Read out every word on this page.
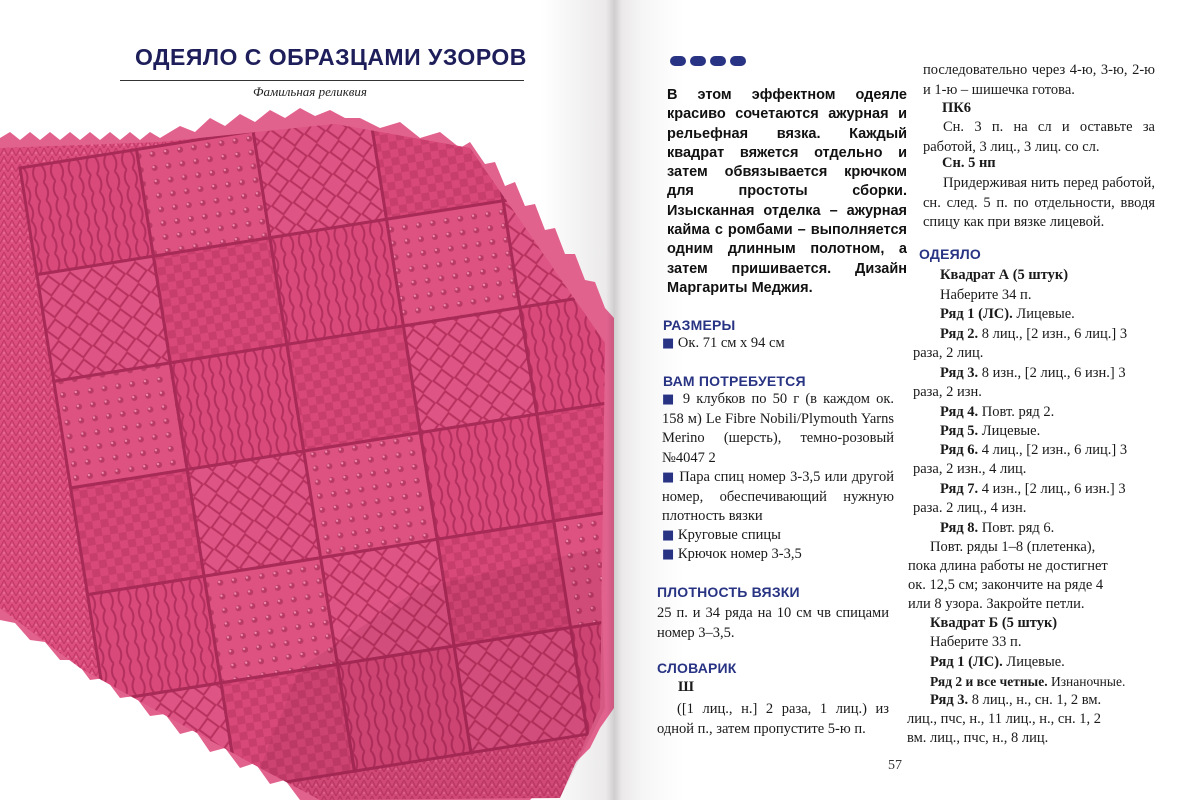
ОДЕЯЛО С ОБРАЗЦАМИ УЗОРОВ
Фамильная реликвия	В этом эффектном одеяле красиво сочетаются ажурная и рельефная вязка. Каждый квадрат вяжется отдельно и затем обвязывается крючком для простоты сборки. Изысканная отделка – ажурная кайма с ромбами – выполняется одним длинным полотном, а затем пришивается. Дизайн Маргариты Меджия.
РАЗМЕРЫ
■ Ок. 71 см х 94 см
ВАМ ПОТРЕБУЕТСЯ
■ 9 клубков по 50 г (в каждом ок. 158 м) Le Fibre Nobili/Plymouth Yarns Merino (шерсть), темно-розовый №4047 2
■ Пара спиц номер 3-3,5 или другой номер, обеспечивающий нужную плотность вязки
■ Круговые спицы
■ Крючок номер 3-3,5
ПЛОТНОСТЬ ВЯЗКИ
25 п. и 34 ряда на 10 см чв спицами номер 3–3,5.
СЛОВАРИК
Ш
([1 лиц., н.] 2 раза, 1 лиц.) из одной п., затем пропустите 5-ю п.
последовательно через 4-ю, 3-ю, 2-ю и 1-ю – шишечка готова.
ПК6
Сн. 3 п. на сл и оставьте за работой, 3 лиц., 3 лиц. со сл.
Сн. 5 нп
Придерживая нить перед работой, сн. след. 5 п. по отдельности, вводя спицу как при вязке лицевой.
ОДЕЯЛО
Квадрат А (5 штук)
Наберите 34 п.
Ряд 1 (ЛС). Лицевые.
Ряд 2. 8 лиц., [2 изн., 6 лиц.] 3
раза, 2 лиц.
Ряд 3. 8 изн., [2 лиц., 6 изн.] 3
раза, 2 изн.
Ряд 4. Повт. ряд 2.
Ряд 5. Лицевые.
Ряд 6. 4 лиц., [2 изн., 6 лиц.] 3
раза, 2 изн., 4 лиц.
Ряд 7. 4 изн., [2 лиц., 6 изн.] 3
раза. 2 лиц., 4 изн.
Ряд 8. Повт. ряд 6.
Повт. ряды 1–8 (плетенка),
пока длина работы не достигнет
ок. 12,5 см; закончите на ряде 4
или 8 узора. Закройте петли.
Квадрат Б (5 штук)
Наберите 33 п.
Ряд 1 (ЛС). Лицевые.
Ряд 2 и все четные. Изнаночные.
Ряд 3. 8 лиц., н., сн. 1, 2 вм.
лиц., пчс, н., 11 лиц., н., сн. 1, 2
вм. лиц., пчс, н., 8 лиц.
57
